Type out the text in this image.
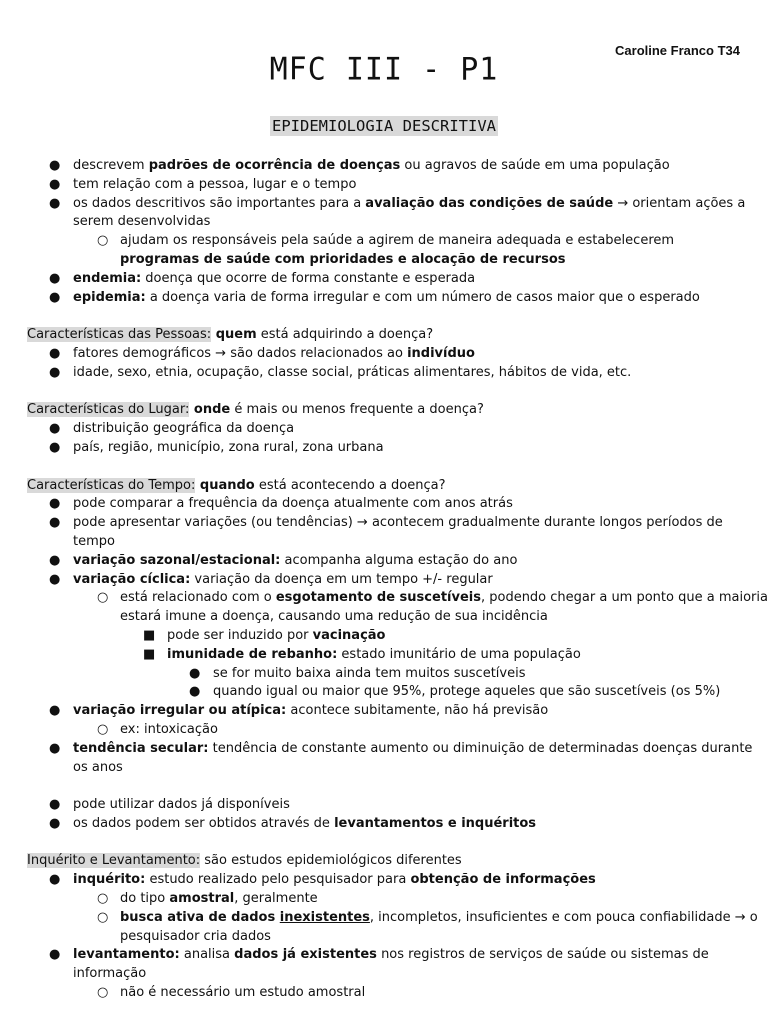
Caroline Franco T34
MFC III - P1
EPIDEMIOLOGIA DESCRITIVA
● descrevem padrões de ocorrência de doenças ou agravos de saúde em uma população
● tem relação com a pessoa, lugar e o tempo
● os dados descritivos são importantes para a avaliação das condições de saúde → orientam ações a
serem desenvolvidas
○ ajudam os responsáveis pela saúde a agirem de maneira adequada e estabelecerem
programas de saúde com prioridades e alocação de recursos
● endemia: doença que ocorre de forma constante e esperada
● epidemia: a doença varia de forma irregular e com um número de casos maior que o esperado
Características das Pessoas: quem está adquirindo a doença?
● fatores demográficos → são dados relacionados ao indivíduo
● idade, sexo, etnia, ocupação, classe social, práticas alimentares, hábitos de vida, etc.
Características do Lugar: onde é mais ou menos frequente a doença?
● distribuição geográfica da doença
● país, região, município, zona rural, zona urbana
Características do Tempo: quando está acontecendo a doença?
● pode comparar a frequência da doença atualmente com anos atrás
● pode apresentar variações (ou tendências) → acontecem gradualmente durante longos períodos de
tempo
● variação sazonal/estacional: acompanha alguma estação do ano
● variação cíclica: variação da doença em um tempo +/- regular
○ está relacionado com o esgotamento de suscetíveis, podendo chegar a um ponto que a maioria
estará imune a doença, causando uma redução de sua incidência
■ pode ser induzido por vacinação
■ imunidade de rebanho: estado imunitário de uma população
● se for muito baixa ainda tem muitos suscetíveis
● quando igual ou maior que 95%, protege aqueles que são suscetíveis (os 5%)
● variação irregular ou atípica: acontece subitamente, não há previsão
○ ex: intoxicação
● tendência secular: tendência de constante aumento ou diminuição de determinadas doenças durante
os anos
● pode utilizar dados já disponíveis
● os dados podem ser obtidos através de levantamentos e inquéritos
Inquérito e Levantamento: são estudos epidemiológicos diferentes
● inquérito: estudo realizado pelo pesquisador para obtenção de informações
○ do tipo amostral, geralmente
○ busca ativa de dados inexistentes, incompletos, insuficientes e com pouca confiabilidade → o
pesquisador cria dados
● levantamento: analisa dados já existentes nos registros de serviços de saúde ou sistemas de
informação
○ não é necessário um estudo amostral
